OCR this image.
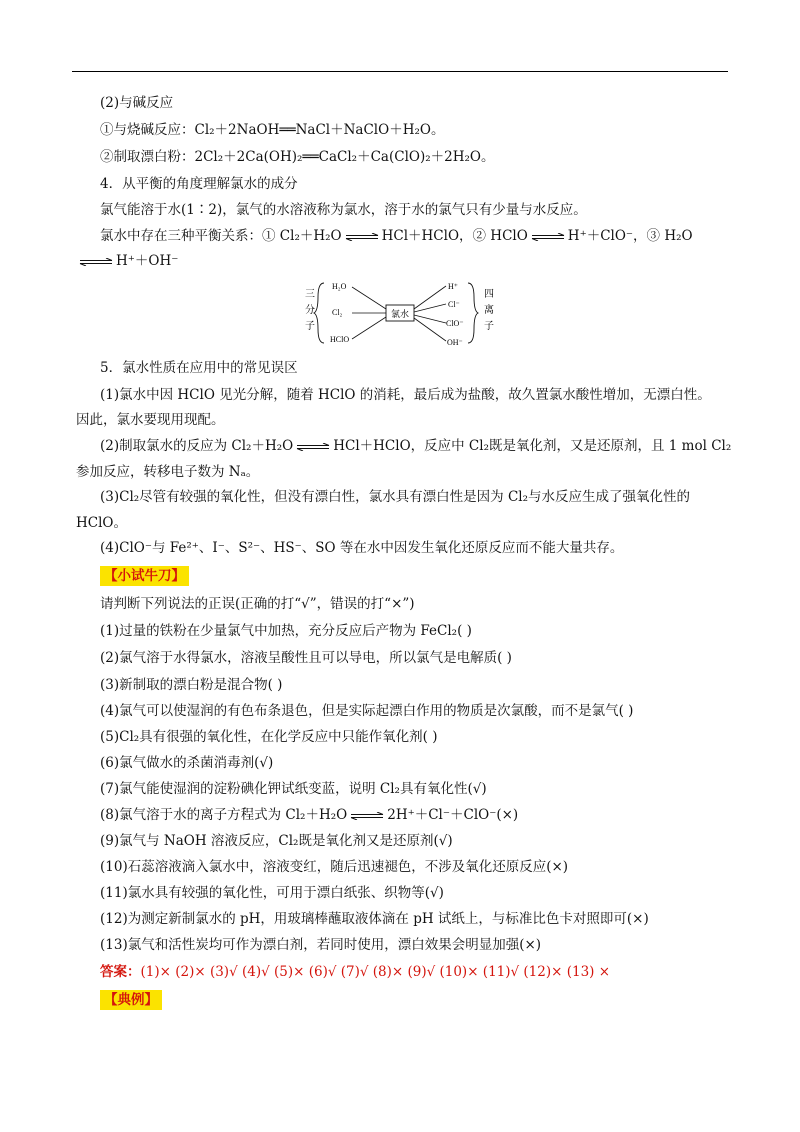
(2)与碱反应
①与烧碱反应：Cl₂＋2NaOH══NaCl＋NaClO＋H₂O。
②制取漂白粉：2Cl₂＋2Ca(OH)₂══CaCl₂＋Ca(ClO)₂＋2H₂O。
4．从平衡的角度理解氯水的成分
氯气能溶于水(1∶2)，氯气的水溶液称为氯水，溶于水的氯气只有少量与水反应。
氯水中存在三种平衡关系：① Cl₂＋H₂O ⇌ HCl＋HClO，② HClO ⇌ H⁺＋ClO⁻，③ H₂O
⇌ H⁺＋OH⁻
三
分
子
H₂O
Cl₂
HClO
氯水
H⁺
Cl⁻
ClO⁻
OH⁻
四
离
子
5．氯水性质在应用中的常见误区
(1)氯水中因 HClO 见光分解，随着 HClO 的消耗，最后成为盐酸，故久置氯水酸性增加，无漂白性。
因此，氯水要现用现配。
(2)制取氯水的反应为 Cl₂＋H₂O ⇌ HCl＋HClO，反应中 Cl₂既是氧化剂，又是还原剂，且 1 mol Cl₂
参加反应，转移电子数为 Nₐ。
(3)Cl₂尽管有较强的氧化性，但没有漂白性，氯水具有漂白性是因为 Cl₂与水反应生成了强氧化性的
HClO。
(4)ClO⁻与 Fe²⁺、I⁻、S²⁻、HS⁻、SO 等在水中因发生氧化还原反应而不能大量共存。
【小试牛刀】
请判断下列说法的正误(正确的打“√”，错误的打“×”)
(1)过量的铁粉在少量氯气中加热，充分反应后产物为 FeCl₂( )
(2)氯气溶于水得氯水，溶液呈酸性且可以导电，所以氯气是电解质( )
(3)新制取的漂白粉是混合物( )
(4)氯气可以使湿润的有色布条退色，但是实际起漂白作用的物质是次氯酸，而不是氯气( )
(5)Cl₂具有很强的氧化性，在化学反应中只能作氧化剂( )
(6)氯气做水的杀菌消毒剂(√)
(7)氯气能使湿润的淀粉碘化钾试纸变蓝，说明 Cl₂具有氧化性(√)
(8)氯气溶于水的离子方程式为 Cl₂＋H₂O ⇌ 2H⁺＋Cl⁻＋ClO⁻(×)
(9)氯气与 NaOH 溶液反应，Cl₂既是氧化剂又是还原剂(√)
(10)石蕊溶液滴入氯水中，溶液变红，随后迅速褪色，不涉及氧化还原反应(×)
(11)氯水具有较强的氧化性，可用于漂白纸张、织物等(√)
(12)为测定新制氯水的 pH，用玻璃棒蘸取液体滴在 pH 试纸上，与标准比色卡对照即可(×)
(13)氯气和活性炭均可作为漂白剂，若同时使用，漂白效果会明显加强(×)
答案：(1)× (2)× (3)√ (4)√ (5)× (6)√ (7)√ (8)× (9)√ (10)× (11)√ (12)× (13) ×
【典例】
